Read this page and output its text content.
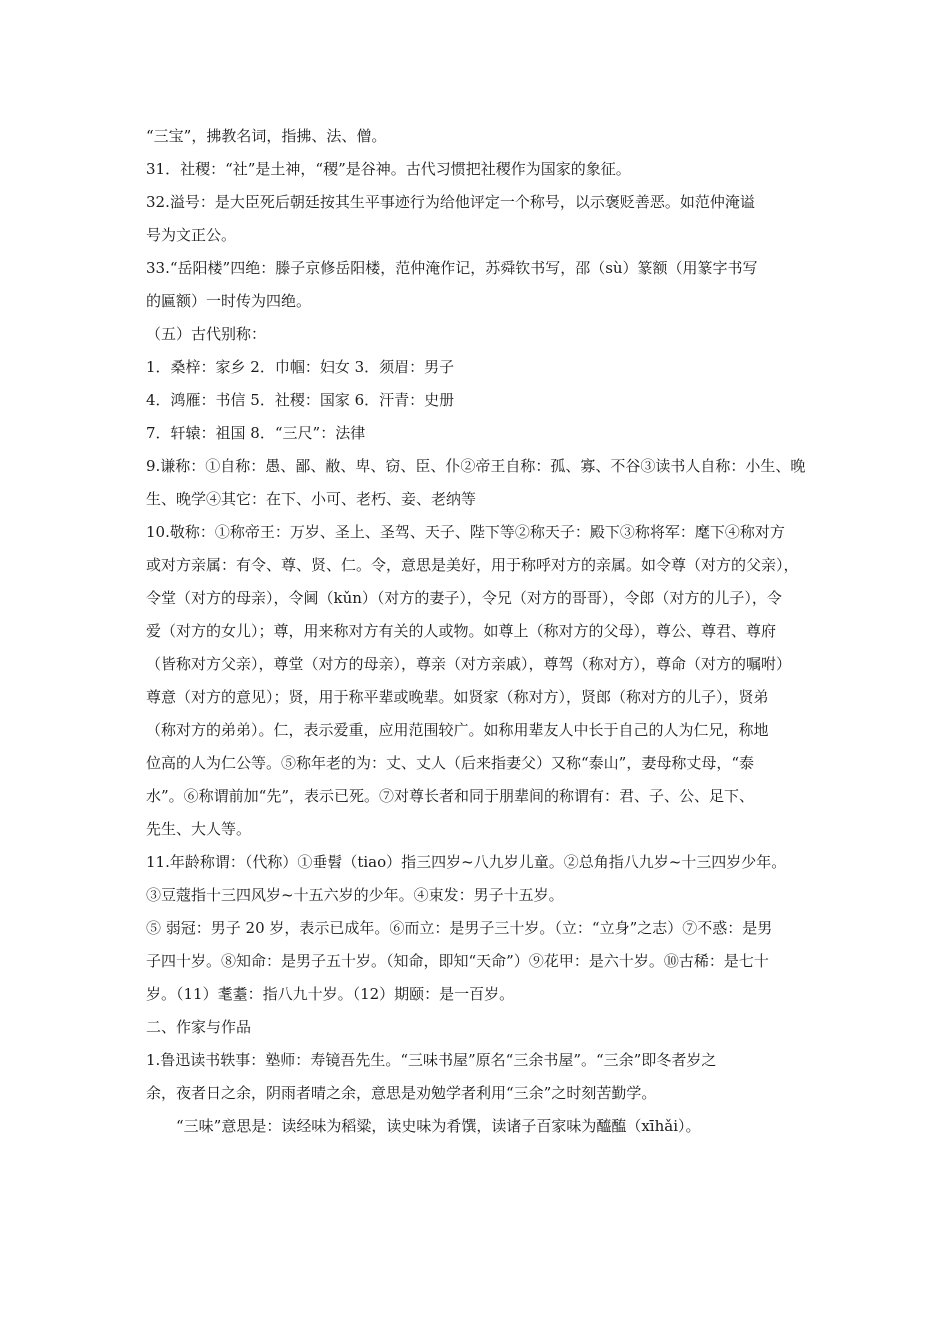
“三宝”，拂教名词，指拂、法、僧。
31．社稷：“社”是土神，“稷”是谷神。古代习惯把社稷作为国家的象征。
32.溢号：是大臣死后朝廷按其生平事迹行为给他评定一个称号，以示褒贬善恶。如范仲淹谥
号为文正公。
33.“岳阳楼”四绝：滕子京修岳阳楼，范仲淹作记，苏舜钦书写，邵（sù）篆额（用篆字书写
的匾额）一时传为四绝。
（五）古代别称：
1．桑梓：家乡 2．巾帼：妇女 3．须眉：男子
4．鸿雁：书信 5．社稷：国家 6．汗青：史册
7．轩辕：祖国 8．“三尺”：法律
9.谦称：①自称：愚、鄙、敝、卑、窃、臣、仆②帝王自称：孤、寡、不谷③读书人自称：小生、晚
生、晚学④其它：在下、小可、老朽、妾、老纳等
10.敬称：①称帝王：万岁、圣上、圣驾、天子、陛下等②称天子：殿下③称将军：麾下④称对方
或对方亲属：有令、尊、贤、仁。令，意思是美好，用于称呼对方的亲属。如令尊（对方的父亲），
令堂（对方的母亲），令阃（kǔn）（对方的妻子），令兄（对方的哥哥），令郎（对方的儿子），令
爱（对方的女儿）；尊，用来称对方有关的人或物。如尊上（称对方的父母），尊公、尊君、尊府
（皆称对方父亲），尊堂（对方的母亲），尊亲（对方亲戚），尊驾（称对方），尊命（对方的嘱咐）
尊意（对方的意见）；贤，用于称平辈或晚辈。如贤家（称对方），贤郎（称对方的儿子），贤弟
（称对方的弟弟）。仁，表示爱重，应用范围较广。如称用辈友人中长于自己的人为仁兄，称地
位高的人为仁公等。⑤称年老的为：丈、丈人（后来指妻父）又称“泰山”，妻母称丈母，“泰
水”。⑥称谓前加“先”，表示已死。⑦对尊长者和同于朋辈间的称谓有：君、子、公、足下、
先生、大人等。
11.年龄称谓：（代称）①垂髫（tiao）指三四岁~八九岁儿童。②总角指八九岁~十三四岁少年。
③豆蔻指十三四风岁~十五六岁的少年。④束发：男子十五岁。
⑤ 弱冠：男子 20 岁，表示已成年。⑥而立：是男子三十岁。（立：“立身”之志）⑦不惑：是男
子四十岁。⑧知命：是男子五十岁。（知命，即知“天命”）⑨花甲：是六十岁。⑩古稀：是七十
岁。（11）耄耋：指八九十岁。（12）期颐：是一百岁。
二、作家与作品
1.鲁迅读书轶事：塾师：寿镜吾先生。“三味书屋”原名“三余书屋”。“三余”即冬者岁之
余，夜者日之余，阴雨者晴之余，意思是劝勉学者利用“三余”之时刻苦勤学。
“三味”意思是：读经味为稻粱，读史味为肴馔，读诸子百家味为醯醢（xīhǎi）。
